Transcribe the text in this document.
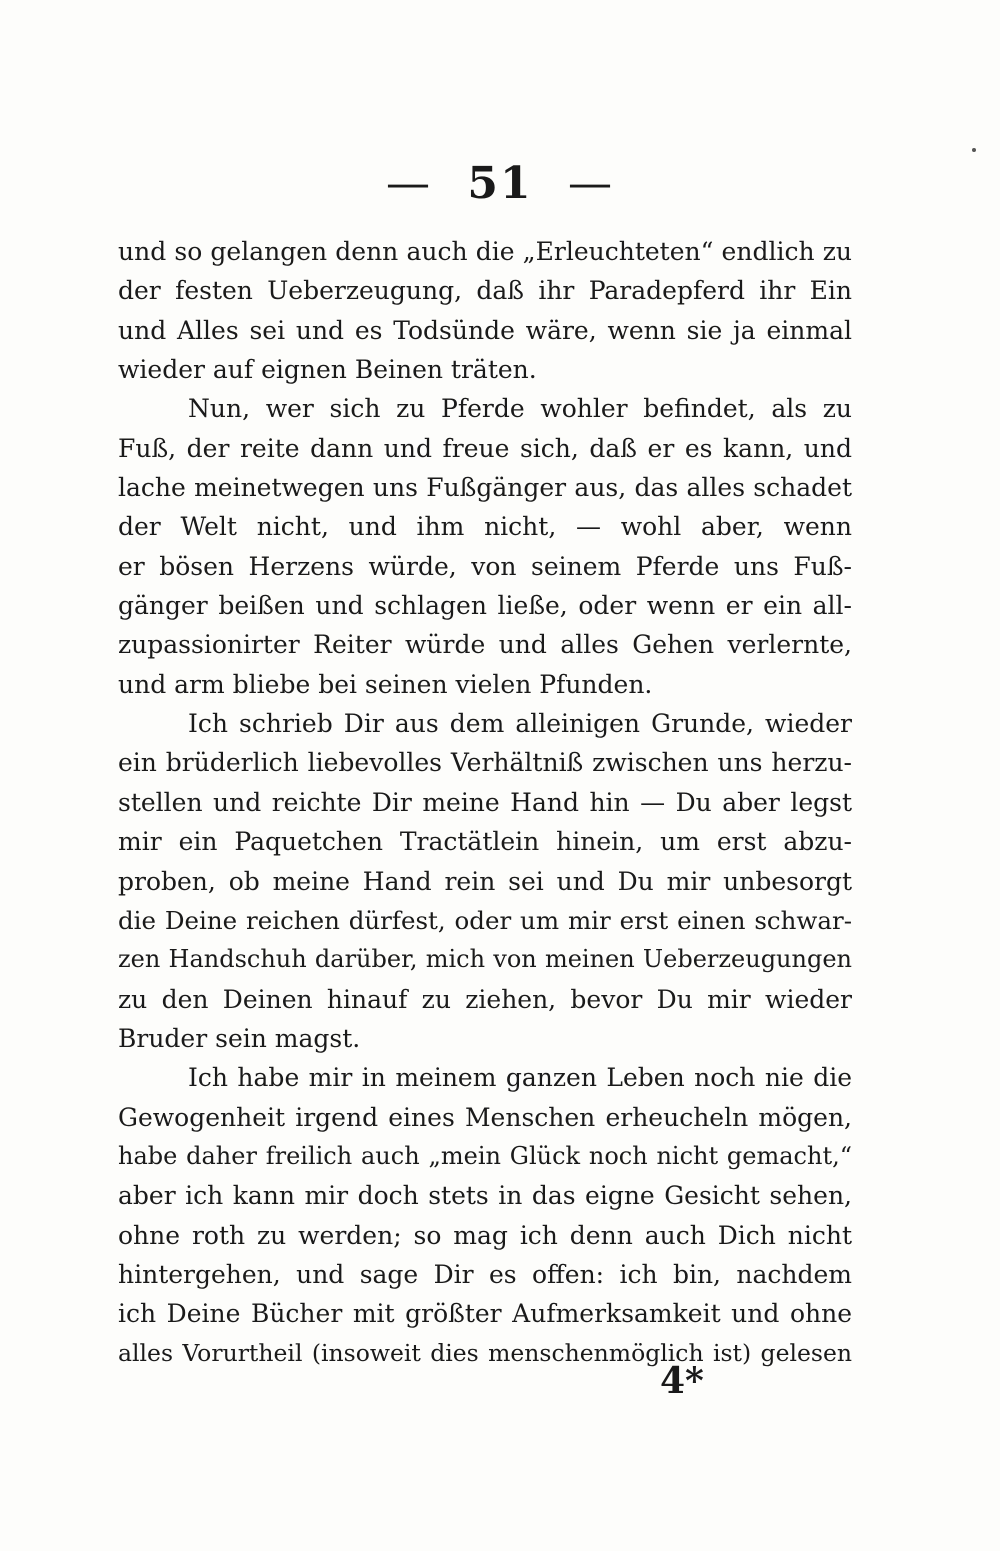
— 51 —
und so gelangen denn auch die „Erleuchteten“ endlich zu
der festen Ueberzeugung, daß ihr Paradepferd ihr Ein
und Alles sei und es Todsünde wäre, wenn sie ja einmal
wieder auf eignen Beinen träten.
Nun, wer sich zu Pferde wohler befindet, als zu
Fuß, der reite dann und freue sich, daß er es kann, und
lache meinetwegen uns Fußgänger aus, das alles schadet
der Welt nicht, und ihm nicht, — wohl aber, wenn
er bösen Herzens würde, von seinem Pferde uns Fuß-
gänger beißen und schlagen ließe, oder wenn er ein all-
zupassionirter Reiter würde und alles Gehen verlernte,
und arm bliebe bei seinen vielen Pfunden.
Ich schrieb Dir aus dem alleinigen Grunde, wieder
ein brüderlich liebevolles Verhältniß zwischen uns herzu-
stellen und reichte Dir meine Hand hin — Du aber legst
mir ein Paquetchen Tractätlein hinein, um erst abzu-
proben, ob meine Hand rein sei und Du mir unbesorgt
die Deine reichen dürfest, oder um mir erst einen schwar-
zen Handschuh darüber, mich von meinen Ueberzeugungen
zu den Deinen hinauf zu ziehen, bevor Du mir wieder
Bruder sein magst.
Ich habe mir in meinem ganzen Leben noch nie die
Gewogenheit irgend eines Menschen erheucheln mögen,
habe daher freilich auch „mein Glück noch nicht gemacht,“
aber ich kann mir doch stets in das eigne Gesicht sehen,
ohne roth zu werden; so mag ich denn auch Dich nicht
hintergehen, und sage Dir es offen: ich bin, nachdem
ich Deine Bücher mit größter Aufmerksamkeit und ohne
alles Vorurtheil (insoweit dies menschenmöglich ist) gelesen
4*
